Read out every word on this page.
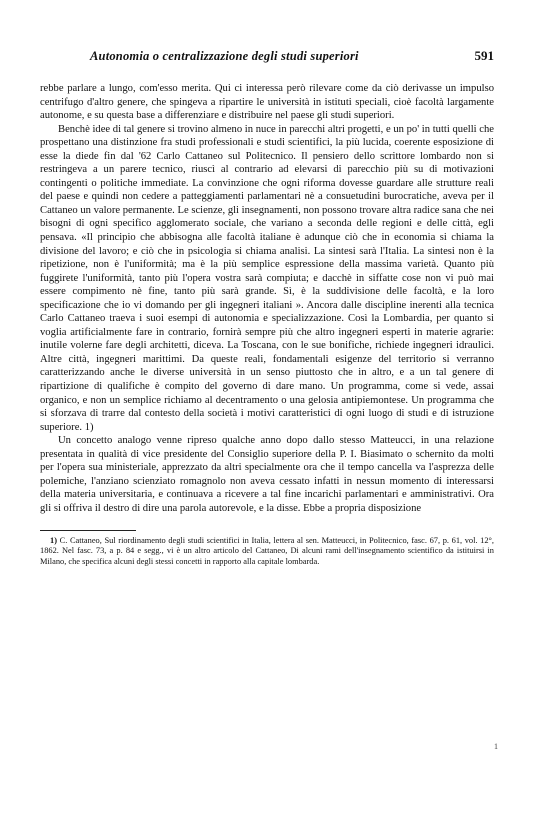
Autonomia o centralizzazione degli studi superiori	591

rebbe parlare a lungo, com'esso merita. Qui ci interessa però rilevare come da ciò derivasse un impulso centrifugo d'altro genere, che spingeva a ripartire le università in istituti speciali, cioè facoltà largamente autonome, e su questa base a differenziare e distribuire nel paese gli studi superiori.

Benchè idee di tal genere si trovino almeno in nuce in parecchi altri progetti, e un po' in tutti quelli che prospettano una distinzione fra studi professionali e studi scientifici, la più lucida, coerente esposizione di esse la diede fin dal '62 Carlo Cattaneo sul Politecnico. Il pensiero dello scrittore lombardo non si restringeva a un parere tecnico, riuscì al contrario ad elevarsi di parecchio più su di motivazioni contingenti o politiche immediate. La convinzione che ogni riforma dovesse guardare alle strutture reali del paese e quindi non cedere a patteggiamenti parlamentari nè a consuetudini burocratiche, aveva per il Cattaneo un valore permanente. Le scienze, gli insegnamenti, non possono trovare altra radice sana che nei bisogni di ogni specifico agglomerato sociale, che variano a seconda delle regioni e delle città, egli pensava. «Il principio che abbisogna alle facoltà italiane è adunque ciò che in economia si chiama la divisione del lavoro; e ciò che in psicologia si chiama analisi. La sintesi sarà l'Italia. La sintesi non è la ripetizione, non è l'uniformità; ma è la più semplice espressione della massima varietà. Quanto più fuggirete l'uniformità, tanto più l'opera vostra sarà compiuta; e dacchè in siffatte cose non vi può mai essere compimento nè fine, tanto più sarà grande. Sì, è la suddivisione delle facoltà, e la loro specificazione che io vi domando per gli ingegneri italiani ». Ancora dalle discipline inerenti alla tecnica Carlo Cattaneo traeva i suoi esempi di autonomia e specializzazione. Così la Lombardia, per quanto si voglia artificialmente fare in contrario, fornirà sempre più che altro ingegneri esperti in materie agrarie: inutile volerne fare degli architetti, diceva. La Toscana, con le sue bonifiche, richiede ingegneri idraulici. Altre città, ingegneri marittimi. Da queste reali, fondamentali esigenze del territorio si verranno caratterizzando anche le diverse università in un senso piuttosto che in altro, e a un tal genere di ripartizione di qualifiche è compito del governo di dare mano. Un programma, come si vede, assai organico, e non un semplice richiamo al decentramento o una gelosia antipiemontese. Un programma che si sforzava di trarre dal contesto della società i motivi caratteristici di ogni luogo di studi e di istruzione superiore. 1)

Un concetto analogo venne ripreso qualche anno dopo dallo stesso Matteucci, in una relazione presentata in qualità di vice presidente del Consiglio superiore della P. I. Biasimato o schernito da molti per l'opera sua ministeriale, apprezzato da altri specialmente ora che il tempo cancella va l'asprezza delle polemiche, l'anziano scienziato romagnolo non aveva cessato infatti in nessun momento di interessarsi della materia universitaria, e continuava a ricevere a tal fine incarichi parlamentari e amministrativi. Ora gli si offriva il destro di dire una parola autorevole, e la disse. Ebbe a propria disposizione

1) C. Cattaneo, Sul riordinamento degli studi scientifici in Italia, lettera al sen. Matteucci, in Politecnico, fasc. 67, p. 61, vol. 12°, 1862. Nel fasc. 73, a p. 84 e segg., vi è un altro articolo del Cattaneo, Di alcuni rami dell'insegnamento scientifico da istituirsi in Milano, che specifica alcuni degli stessi concetti in rapporto alla capitale lombarda.
1
